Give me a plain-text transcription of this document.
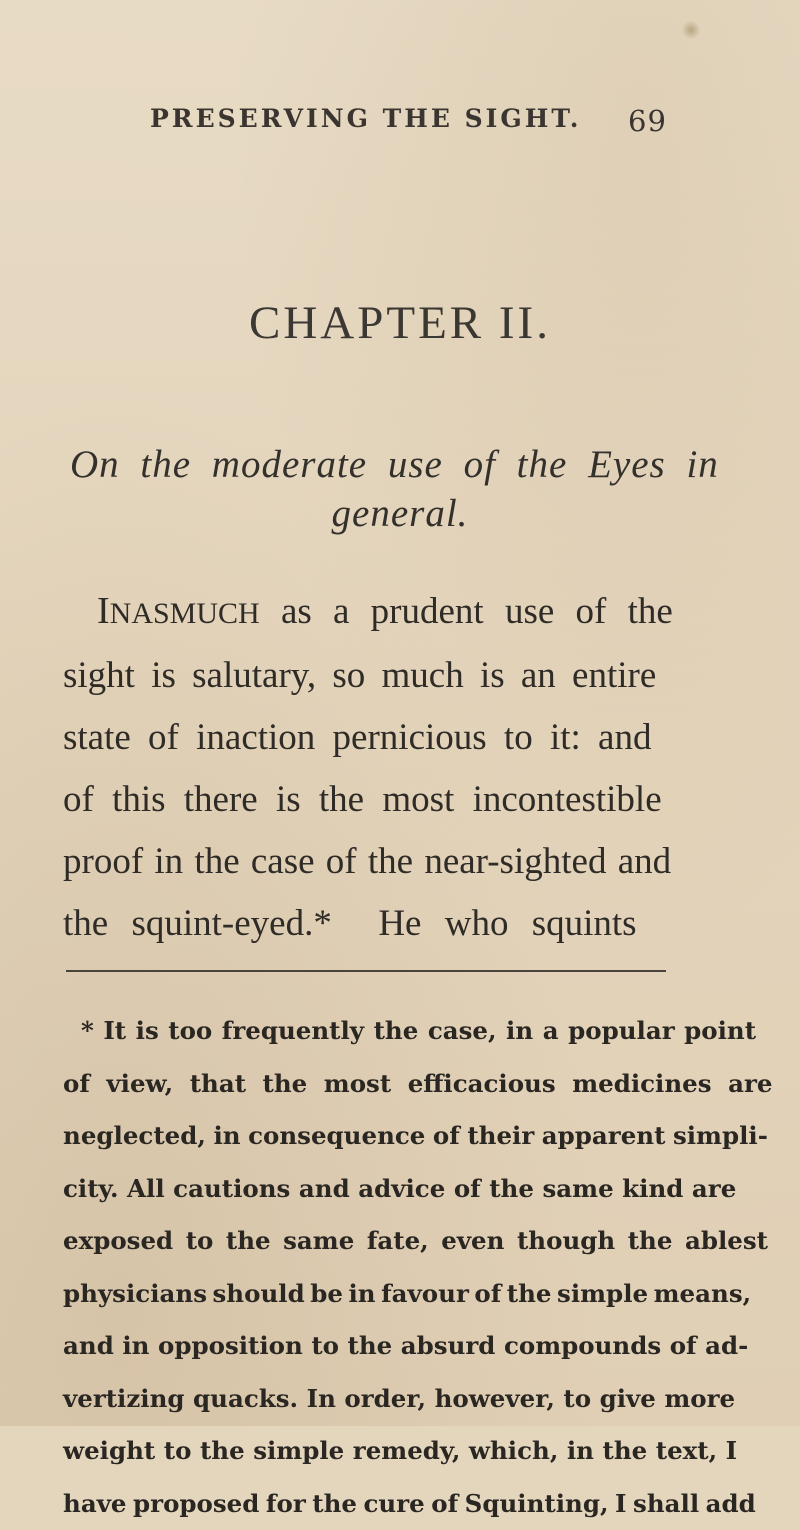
PRESERVING THE SIGHT. 69
CHAPTER II.
On the moderate use of the Eyes in
general.
INASMUCH as a prudent use of the
sight is salutary, so much is an entire
state of inaction pernicious to it: and
of this there is the most incontestible
proof in the case of the near-sighted and
the squint-eyed.*  He who squints
* It is too frequently the case, in a popular point
of view, that the most efficacious medicines are
neglected, in consequence of their apparent simpli-
city. All cautions and advice of the same kind are
exposed to the same fate, even though the ablest
physicians should be in favour of the simple means,
and in opposition to the absurd compounds of ad-
vertizing quacks. In order, however, to give more
weight to the simple remedy, which, in the text, I
have proposed for the cure of Squinting, I shall add
